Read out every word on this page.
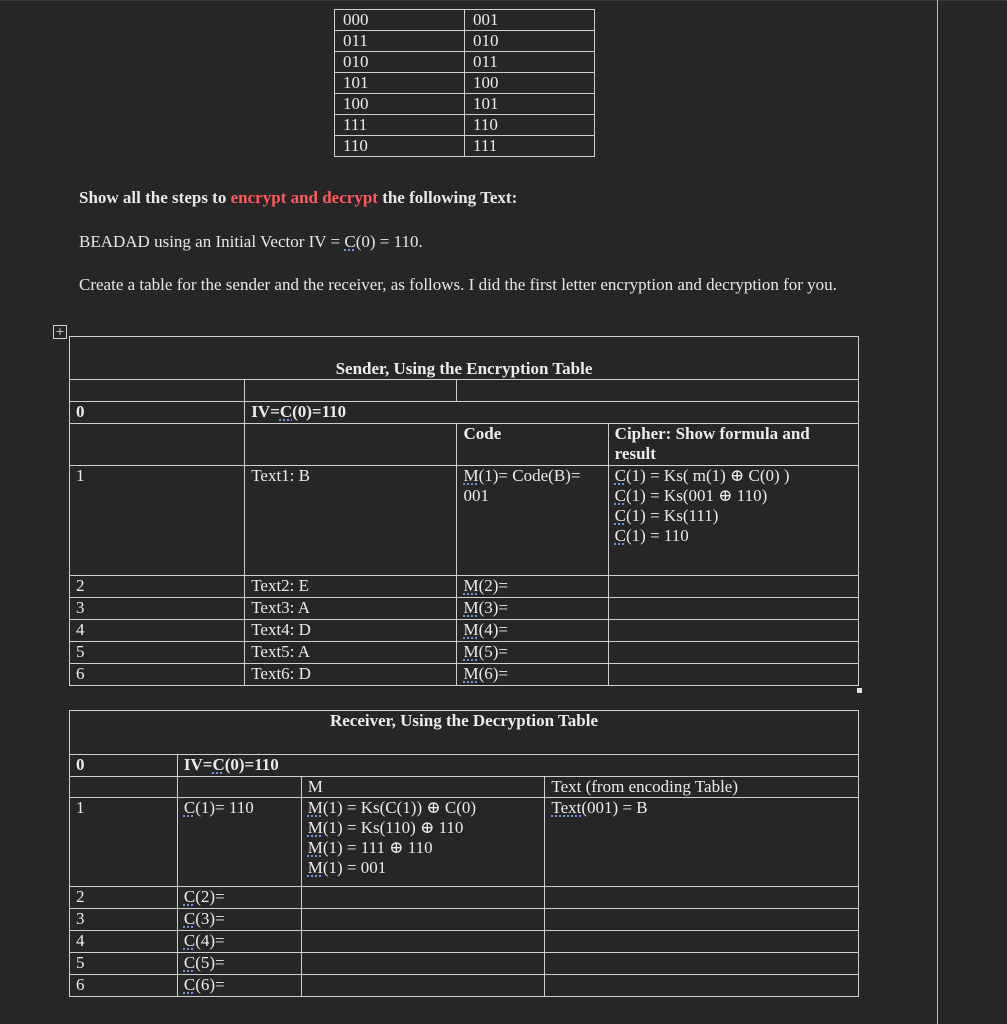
000	001
011	010
010	011
101	100
100	101
111	110
110	111

Show all the steps to encrypt and decrypt the following Text:

BEADAD using an Initial Vector IV = C(0) = 110.

Create a table for the sender and the receiver, as follows. I did the first letter encryption and decryption for you.

+
Sender, Using the Encryption Table			

0	IV=C(0)=110		
		Code	Cipher: Show formula and result
1	Text1: B	M(1)= Code(B)= 001	C(1) = Ks( m(1) ⊕ C(0) )
C(1) = Ks(001 ⊕ 110)
C(1) = Ks(111)
C(1) = 110

2	Text2: E	M(2)=	
3	Text3: A	M(3)=	
4	Text4: D	M(4)=	
5	Text5: A	M(5)=	
6	Text6: D	M(6)=	
Receiver, Using the Decryption Table			
0	IV=C(0)=110		
		M	Text (from encoding Table)
1	C(1)= 110	M(1) = Ks(C(1)) ⊕ C(0)
M(1) = Ks(110) ⊕ 110
M(1) = 111 ⊕ 110
M(1) = 001	Text(001) = B
2	C(2)=		
3	C(3)=		
4	C(4)=		
5	C(5)=		
6	C(6)=		
